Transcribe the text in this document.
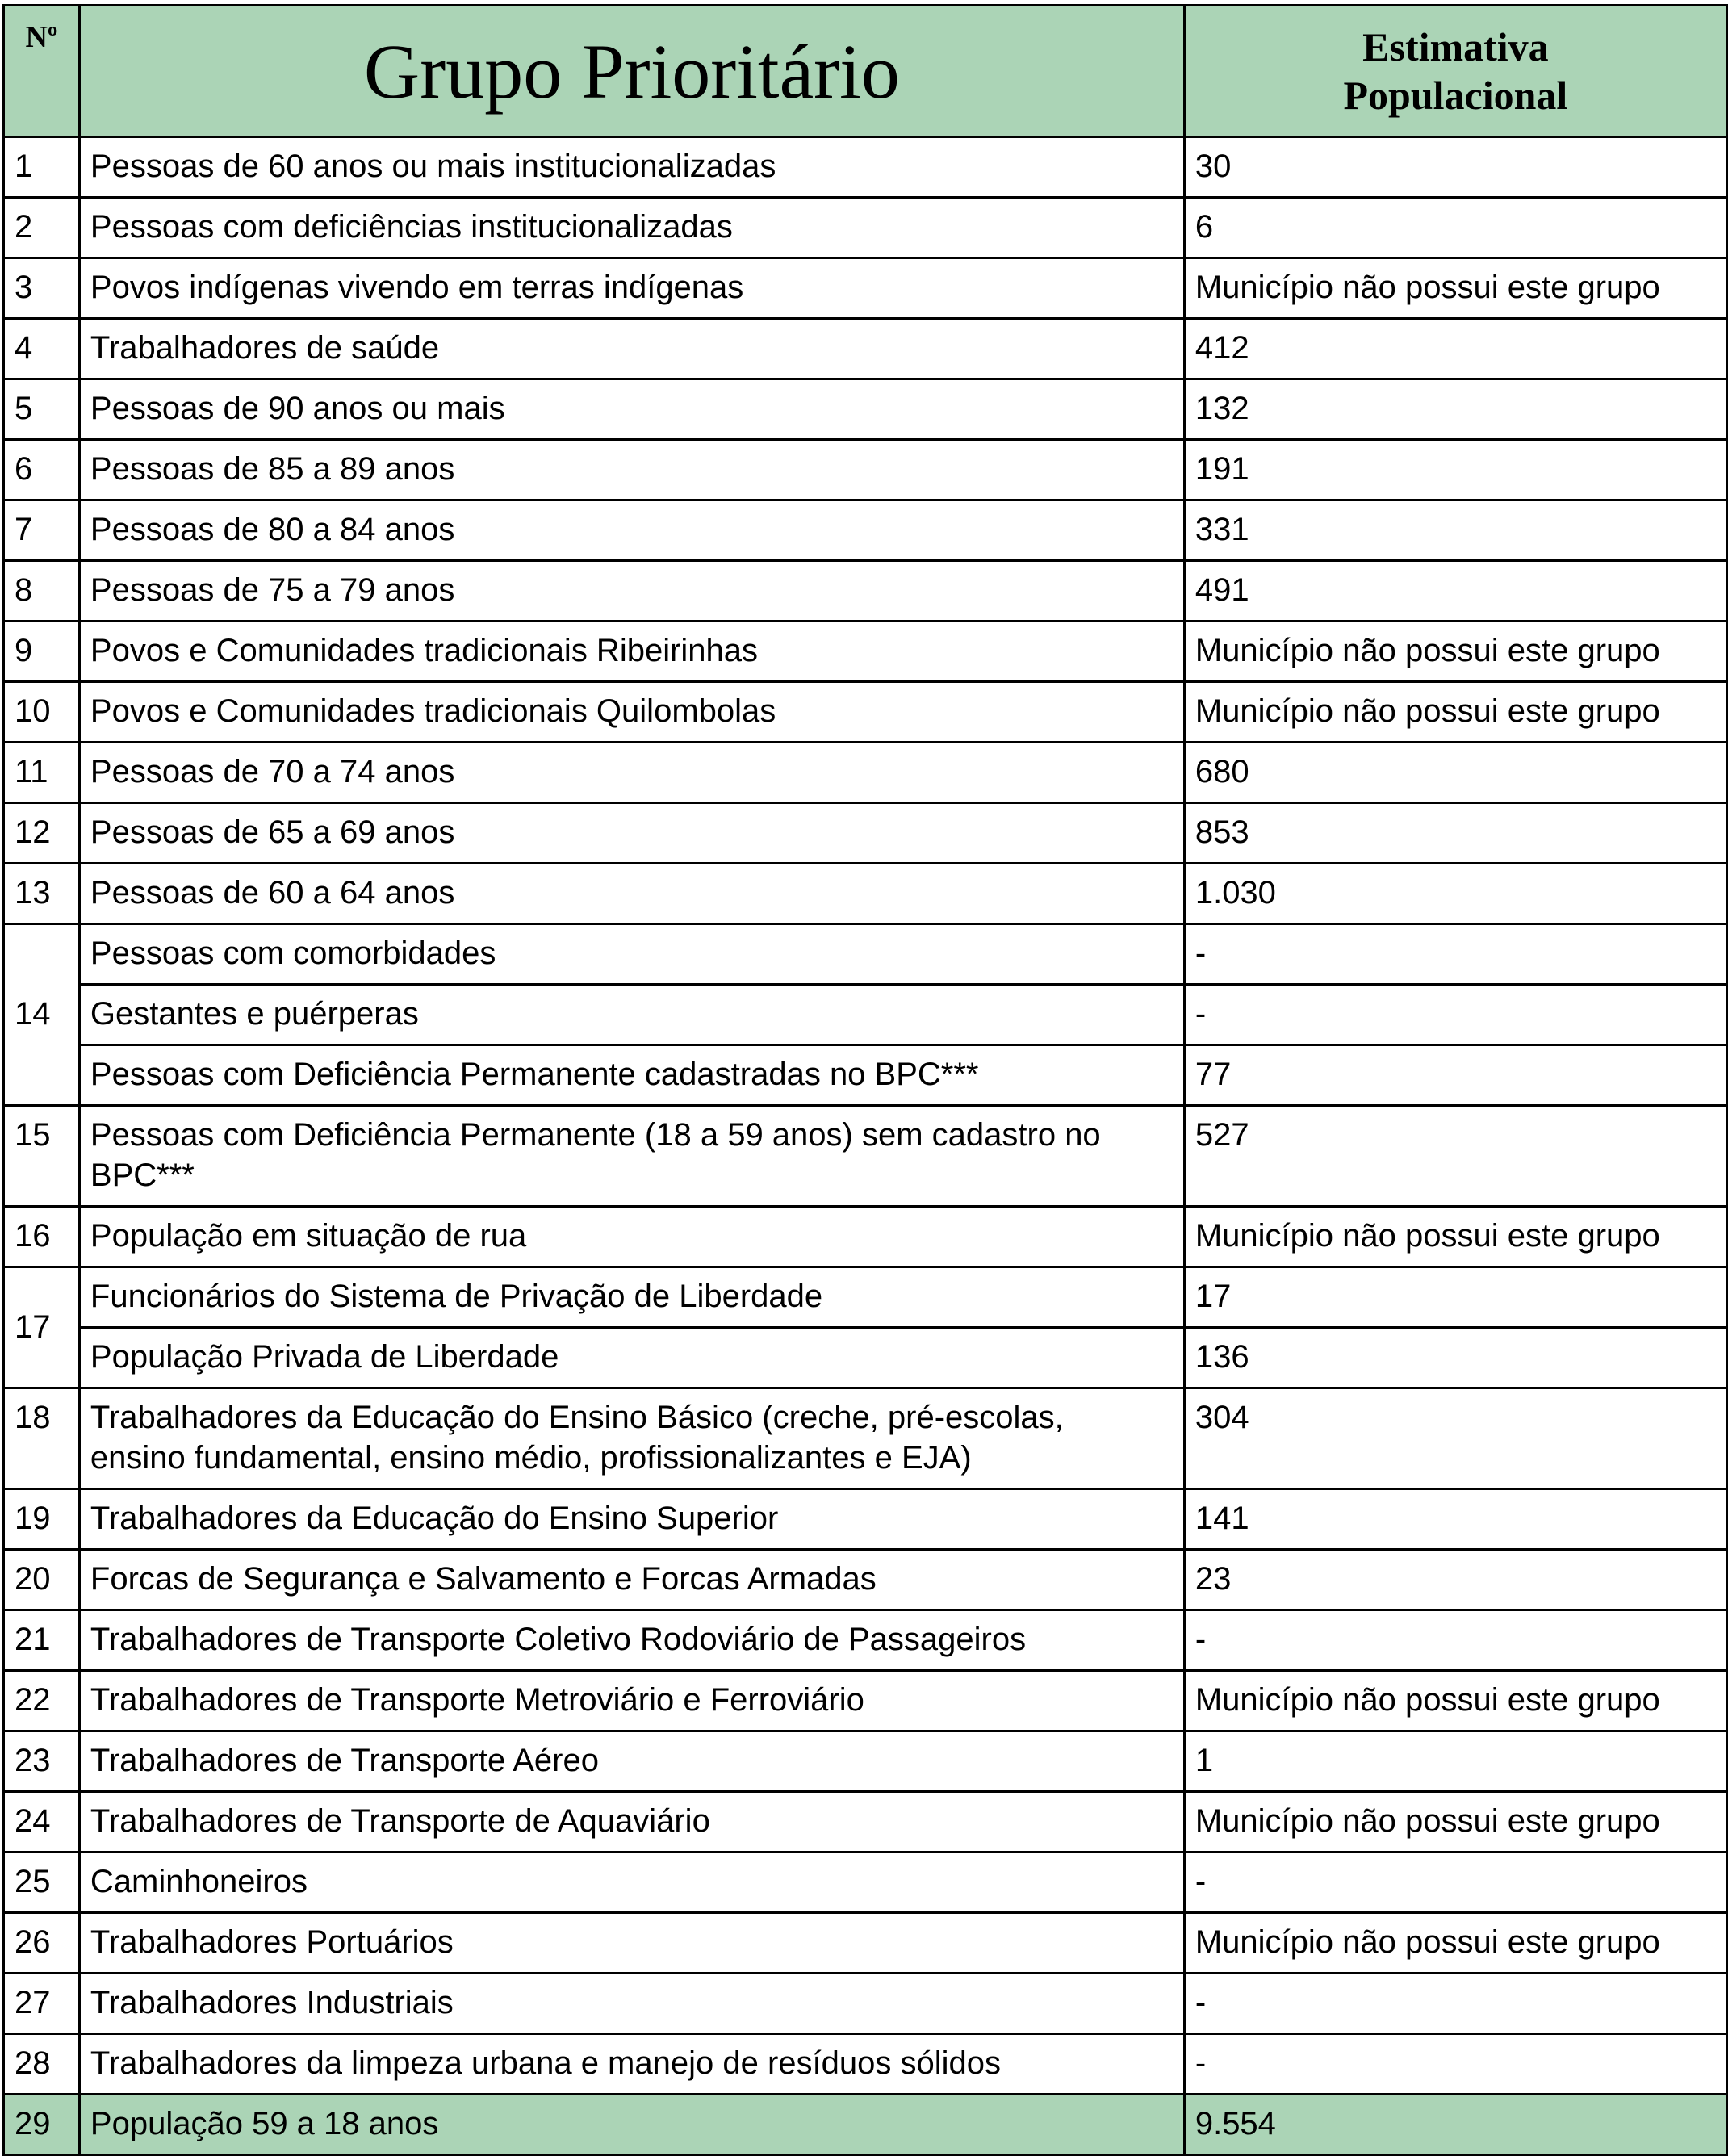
Nº	Grupo Prioritário	Estimativa
Populacional

1	Pessoas de 60 anos ou mais institucionalizadas	30
2	Pessoas com deficiências institucionalizadas	6
3	Povos indígenas vivendo em terras indígenas	Município não possui este grupo
4	Trabalhadores de saúde	412
5	Pessoas de 90 anos ou mais	132
6	Pessoas de 85 a 89 anos	191
7	Pessoas de 80 a 84 anos	331
8	Pessoas de 75 a 79 anos	491
9	Povos e Comunidades tradicionais Ribeirinhas	Município não possui este grupo
10	Povos e Comunidades tradicionais Quilombolas	Município não possui este grupo
11	Pessoas de 70 a 74 anos	680
12	Pessoas de 65 a 69 anos	853
13	Pessoas de 60 a 64 anos	1.030
14	Pessoas com comorbidades	-
	Gestantes e puérperas	-
	Pessoas com Deficiência Permanente cadastradas no BPC***	77
15	Pessoas com Deficiência Permanente (18 a 59 anos) sem cadastro no BPC***	527
16	População em situação de rua	Município não possui este grupo
17	Funcionários do Sistema de Privação de Liberdade	17
	População Privada de Liberdade	136
18	Trabalhadores da Educação do Ensino Básico (creche, pré-escolas, ensino fundamental, ensino médio, profissionalizantes e EJA)	304
19	Trabalhadores da Educação do Ensino Superior	141
20	Forcas de Segurança e Salvamento e Forcas Armadas	23
21	Trabalhadores de Transporte Coletivo Rodoviário de Passageiros	-
22	Trabalhadores de Transporte Metroviário e Ferroviário	Município não possui este grupo
23	Trabalhadores de Transporte Aéreo	1
24	Trabalhadores de Transporte de Aquaviário	Município não possui este grupo
25	Caminhoneiros	-
26	Trabalhadores Portuários	Município não possui este grupo
27	Trabalhadores Industriais	-
28	Trabalhadores da limpeza urbana e manejo de resíduos sólidos	-
29	População 59 a 18 anos	9.554
